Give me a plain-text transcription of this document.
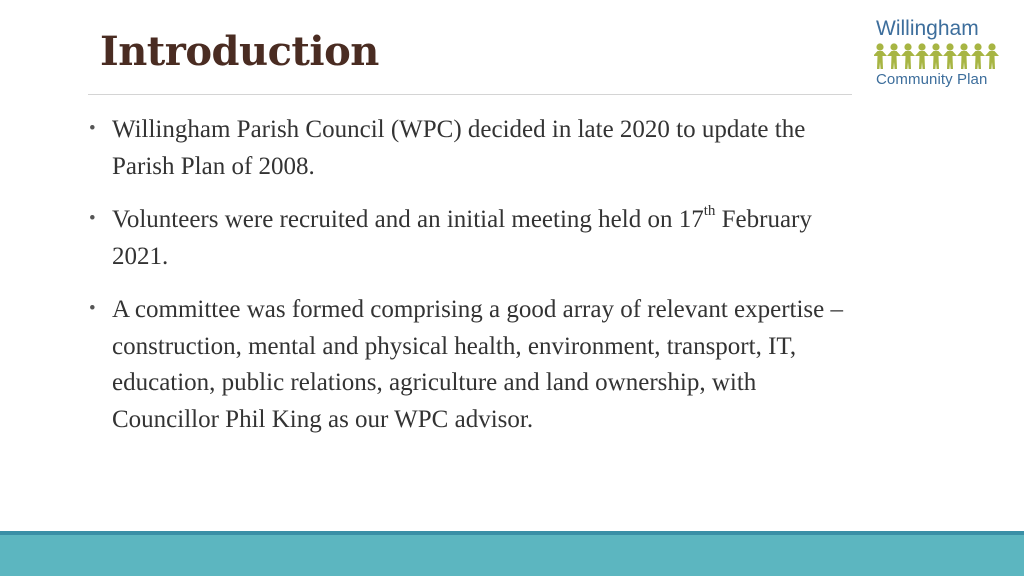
Introduction	Willingham
Community Plan
• Willingham Parish Council (WPC) decided in late 2020 to update the Parish Plan of 2008.
• Volunteers were recruited and an initial meeting held on 17th February 2021.
• A committee was formed comprising a good array of relevant expertise – construction, mental and physical health, environment, transport, IT, education, public relations, agriculture and land ownership, with Councillor Phil King as our WPC advisor.
